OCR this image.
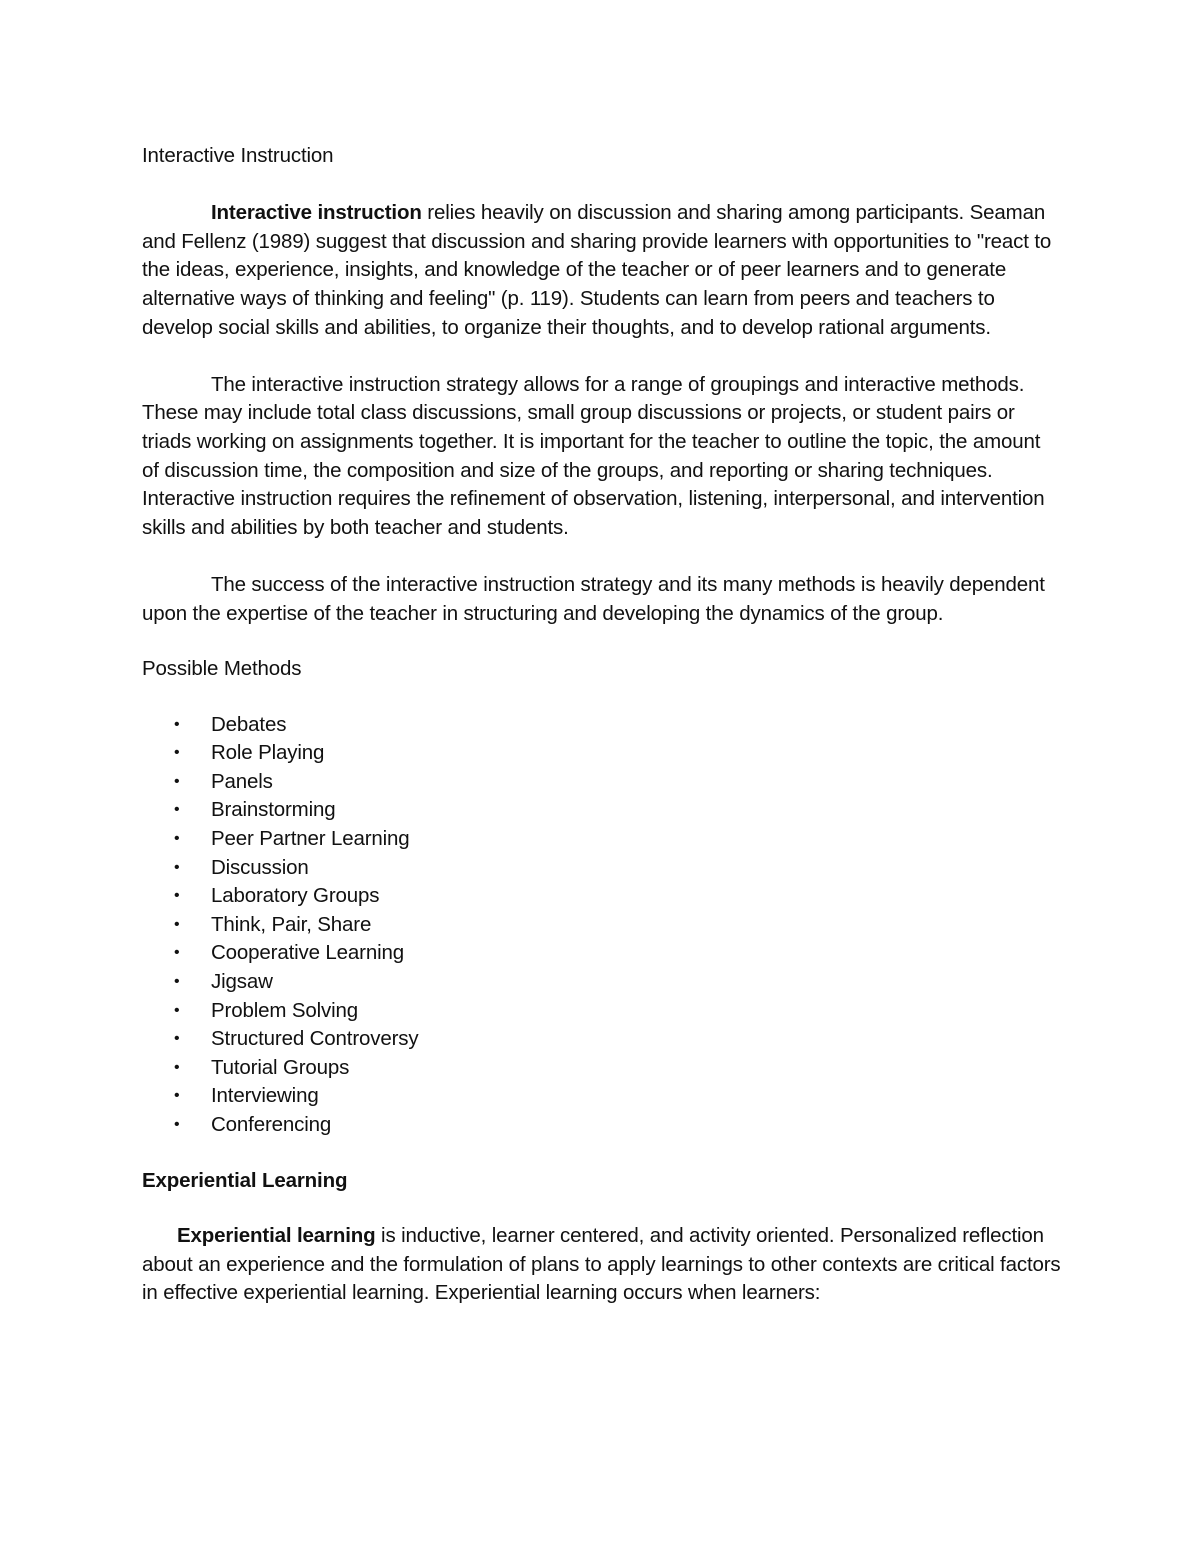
Interactive Instruction

Interactive instruction relies heavily on discussion and sharing among participants. Seaman and Fellenz (1989) suggest that discussion and sharing provide learners with opportunities to "react to the ideas, experience, insights, and knowledge of the teacher or of peer learners and to generate alternative ways of thinking and feeling" (p. 119). Students can learn from peers and teachers to develop social skills and abilities, to organize their thoughts, and to develop rational arguments.

The interactive instruction strategy allows for a range of groupings and interactive methods. These may include total class discussions, small group discussions or projects, or student pairs or triads working on assignments together. It is important for the teacher to outline the topic, the amount of discussion time, the composition and size of the groups, and reporting or sharing techniques. Interactive instruction requires the refinement of observation, listening, interpersonal, and intervention skills and abilities by both teacher and students.

The success of the interactive instruction strategy and its many methods is heavily dependent upon the expertise of the teacher in structuring and developing the dynamics of the group.

Possible Methods
• Debates
• Role Playing
• Panels
• Brainstorming
• Peer Partner Learning
• Discussion
• Laboratory Groups
• Think, Pair, Share
• Cooperative Learning
• Jigsaw
• Problem Solving
• Structured Controversy
• Tutorial Groups
• Interviewing
• Conferencing
Experiential Learning

Experiential learning is inductive, learner centered, and activity oriented. Personalized reflection about an experience and the formulation of plans to apply learnings to other contexts are critical factors in effective experiential learning. Experiential learning occurs when learners:
